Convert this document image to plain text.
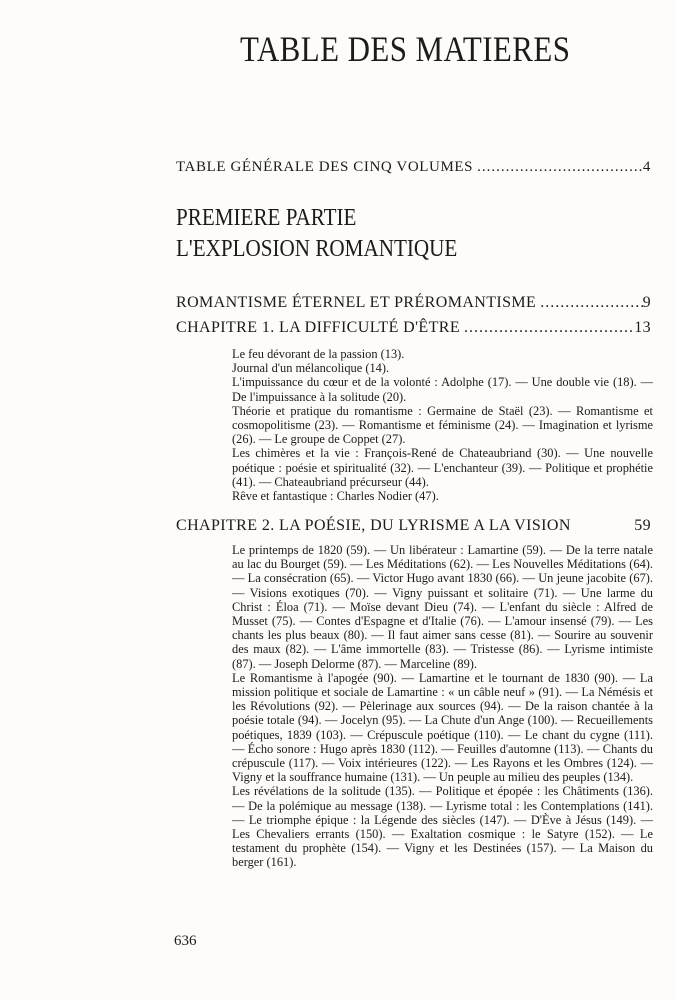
TABLE DES MATIERES
TABLE GÉNÉRALE DES CINQ VOLUMES .....	4
PREMIERE PARTIE
L'EXPLOSION ROMANTIQUE
ROMANTISME ÉTERNEL ET PRÉROMANTISME .....	9
CHAPITRE 1. LA DIFFICULTÉ D'ÊTRE .....	13

Le feu dévorant de la passion (13).

Journal d'un mélancolique (14).

L'impuissance du cœur et de la volonté : Adolphe (17). — Une double vie (18). — De l'impuissance à la solitude (20).

Théorie et pratique du romantisme : Germaine de Staël (23). — Romantisme et cosmopolitisme (23). — Romantisme et féminisme (24). — Imagination et lyrisme (26). — Le groupe de Coppet (27).

Les chimères et la vie : François-René de Chateaubriand (30). — Une nouvelle poétique : poésie et spiritualité (32). — L'enchanteur (39). — Politique et prophétie (41). — Chateaubriand précurseur (44).

Rêve et fantastique : Charles Nodier (47).

CHAPITRE 2. LA POÉSIE, DU LYRISME A LA VISION	59

Le printemps de 1820 (59). — Un libérateur : Lamartine (59). — De la terre natale au lac du Bourget (59). — Les Méditations (62). — Les Nouvelles Méditations (64). — La consécration (65). — Victor Hugo avant 1830 (66). — Un jeune jacobite (67). — Visions exotiques (70). — Vigny puissant et solitaire (71). — Une larme du Christ : Éloa (71). — Moïse devant Dieu (74). — L'enfant du siècle : Alfred de Musset (75). — Contes d'Espagne et d'Italie (76). — L'amour insensé (79). — Les chants les plus beaux (80). — Il faut aimer sans cesse (81). — Sourire au souvenir des maux (82). — L'âme immortelle (83). — Tristesse (86). — Lyrisme intimiste (87). — Joseph Delorme (87). — Marceline (89).

Le Romantisme à l'apogée (90). — Lamartine et le tournant de 1830 (90). — La mission politique et sociale de Lamartine : « un câble neuf » (91). — La Némésis et les Révolutions (92). — Pèlerinage aux sources (94). — De la raison chantée à la poésie totale (94). — Jocelyn (95). — La Chute d'un Ange (100). — Recueillements poétiques, 1839 (103). — Crépuscule poétique (110). — Le chant du cygne (111). — Écho sonore : Hugo après 1830 (112). — Feuilles d'automne (113). — Chants du crépuscule (117). — Voix intérieures (122). — Les Rayons et les Ombres (124). — Vigny et la souffrance humaine (131). — Un peuple au milieu des peuples (134).

Les révélations de la solitude (135). — Politique et épopée : les Châtiments (136). — De la polémique au message (138). — Lyrisme total : les Contemplations (141). — Le triomphe épique : la Légende des siècles (147). — D'Ève à Jésus (149). — Les Chevaliers errants (150). — Exaltation cosmique : le Satyre (152). — Le testament du prophète (154). — Vigny et les Destinées (157). — La Maison du berger (161).

636
